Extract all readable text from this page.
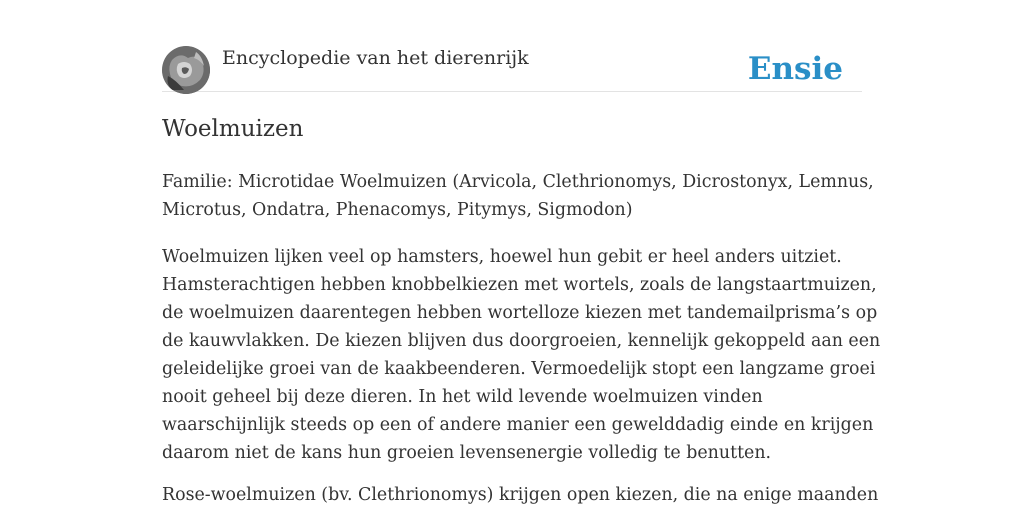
Encyclopedie van het dierenrijk	Ensie
Woelmuizen

Familie: Microtidae Woelmuizen (Arvicola, Clethrionomys, Dicrostonyx, Lemnus,
Microtus, Ondatra, Phenacomys, Pitymys, Sigmodon)

Woelmuizen lijken veel op hamsters, hoewel hun gebit er heel anders uitziet.
Hamsterachtigen hebben knobbelkiezen met wortels, zoals de langstaartmuizen,
de woelmuizen daarentegen hebben wortelloze kiezen met tandemailprisma’s op
de kauwvlakken. De kiezen blijven dus doorgroeien, kennelijk gekoppeld aan een
geleidelijke groei van de kaakbeenderen. Vermoedelijk stopt een langzame groei
nooit geheel bij deze dieren. In het wild levende woelmuizen vinden
waarschijnlijk steeds op een of andere manier een gewelddadig einde en krijgen
daarom niet de kans hun groeien levensenergie volledig te benutten.

Rose-woelmuizen (bv. Clethrionomys) krijgen open kiezen, die na enige maanden
